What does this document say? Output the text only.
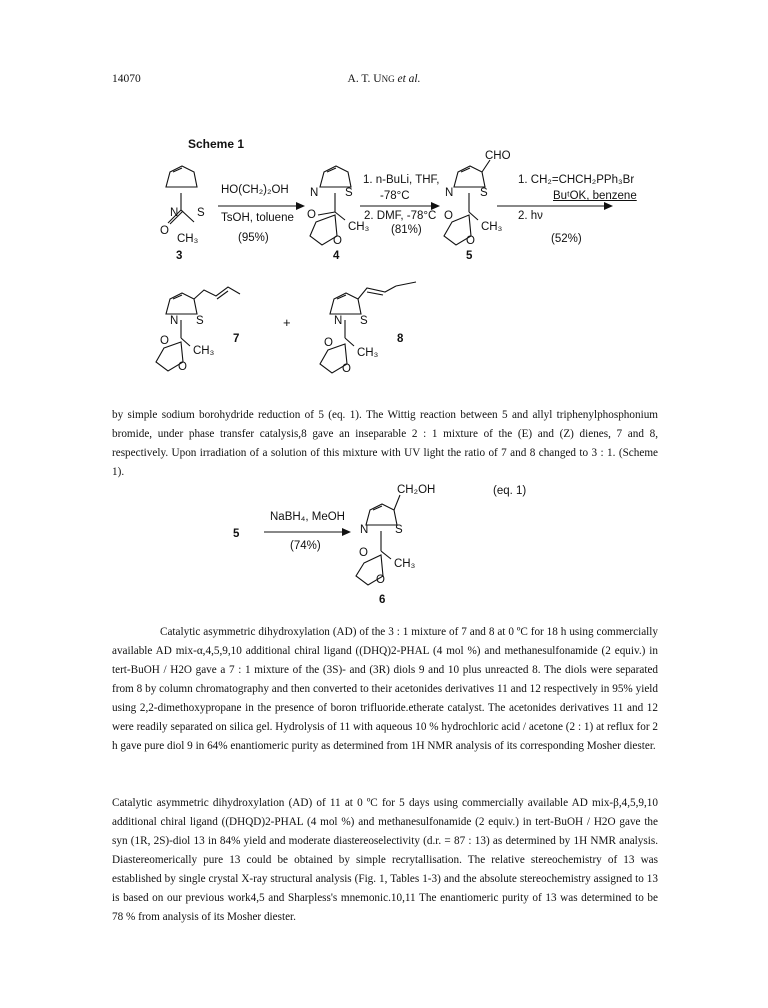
14070	A. T. UNG et al.
Scheme 1
N S
O
CH₃
3
HO(CH₂)₂OH
TsOH, toluene
(95%)
N S
O
CH₃
O
4
1. n-BuLi, THF,
-78°C
2. DMF, -78°C
(81%)
CHO
N S
O
CH₃
O
5
1. CH₂=CHCH₂PPh₃Br
BuᵗOK, benzene
2. hν
(52%)
N S
O
CH₃
O
7
+	N S
O
CH₃
O
8

by simple sodium borohydride reduction of 5 (eq. 1). The Wittig reaction between 5 and allyl triphenylphosphonium bromide, under phase transfer catalysis,8 gave an inseparable 2 : 1 mixture of the (E) and (Z) dienes, 7 and 8, respectively. Upon irradiation of a solution of this mixture with UV light the ratio of 7 and 8 changed to 3 : 1. (Scheme 1).

(eq. 1)
5
NaBH₄, MeOH
(74%)
CH₂OH
N S
O
CH₃
O
6

Catalytic asymmetric dihydroxylation (AD) of the 3 : 1 mixture of 7 and 8 at 0 ºC for 18 h using commercially available AD mix-α,4,5,9,10 additional chiral ligand ((DHQ)2-PHAL (4 mol %) and methanesulfonamide (2 equiv.) in tert-BuOH / H2O gave a 7 : 1 mixture of the (3S)- and (3R) diols 9 and 10 plus unreacted 8. The diols were separated from 8 by column chromatography and then converted to their acetonides derivatives 11 and 12 respectively in 95% yield using 2,2-dimethoxypropane in the presence of boron trifluoride.etherate catalyst. The acetonides derivatives 11 and 12 were readily separated on silica gel. Hydrolysis of 11 with aqueous 10 % hydrochloric acid / acetone (2 : 1) at reflux for 2 h gave pure diol 9 in 64% enantiomeric purity as determined from 1H NMR analysis of its corresponding Mosher diester.

Catalytic asymmetric dihydroxylation (AD) of 11 at 0 ºC for 5 days using commercially available AD mix-β,4,5,9,10 additional chiral ligand ((DHQD)2-PHAL (4 mol %) and methanesulfonamide (2 equiv.) in tert-BuOH / H2O gave the syn (1R, 2S)-diol 13 in 84% yield and moderate diastereoselectivity (d.r. = 87 : 13) as determined by 1H NMR analysis. Diastereomerically pure 13 could be obtained by simple recrytallisation. The relative stereochemistry of 13 was established by single crystal X-ray structural analysis (Fig. 1, Tables 1-3) and the absolute stereochemistry assigned to 13 is based on our previous work4,5 and Sharpless's mnemonic.10,11 The enantiomeric purity of 13 was determined to be 78 % from analysis of its Mosher diester.
